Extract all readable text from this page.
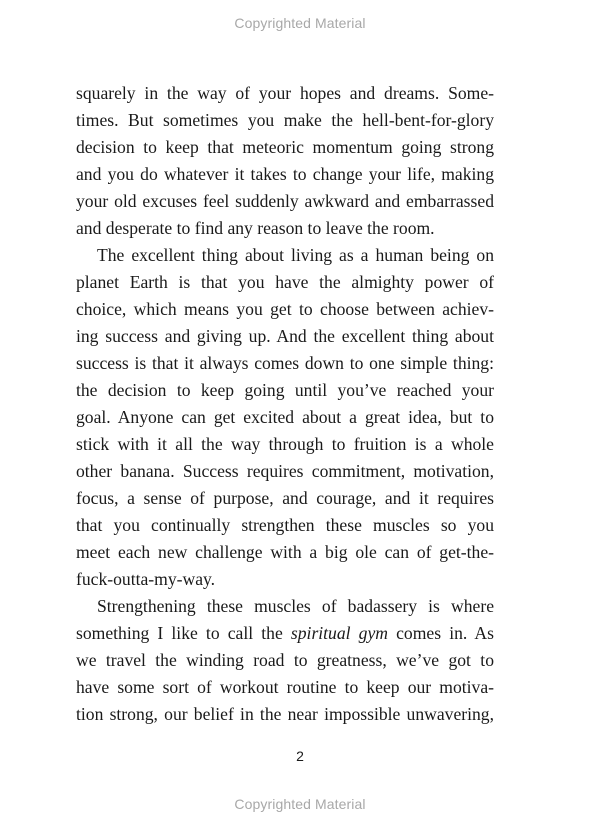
Copyrighted Material
squarely in the way of your hopes and dreams. Some-
times. But sometimes you make the hell-bent-for-glory
decision to keep that meteoric momentum going strong
and you do whatever it takes to change your life, making
your old excuses feel suddenly awkward and embarrassed
and desperate to find any reason to leave the room.
The excellent thing about living as a human being on
planet Earth is that you have the almighty power of
choice, which means you get to choose between achiev-
ing success and giving up. And the excellent thing about
success is that it always comes down to one simple thing:
the decision to keep going until you’ve reached your
goal. Anyone can get excited about a great idea, but to
stick with it all the way through to fruition is a whole
other banana. Success requires commitment, motivation,
focus, a sense of purpose, and courage, and it requires
that you continually strengthen these muscles so you
meet each new challenge with a big ole can of get-the-
fuck-outta-my-way.
Strengthening these muscles of badassery is where
something I like to call the spiritual gym comes in. As
we travel the winding road to greatness, we’ve got to
have some sort of workout routine to keep our motiva-
tion strong, our belief in the near impossible unwavering,
2
Copyrighted Material
